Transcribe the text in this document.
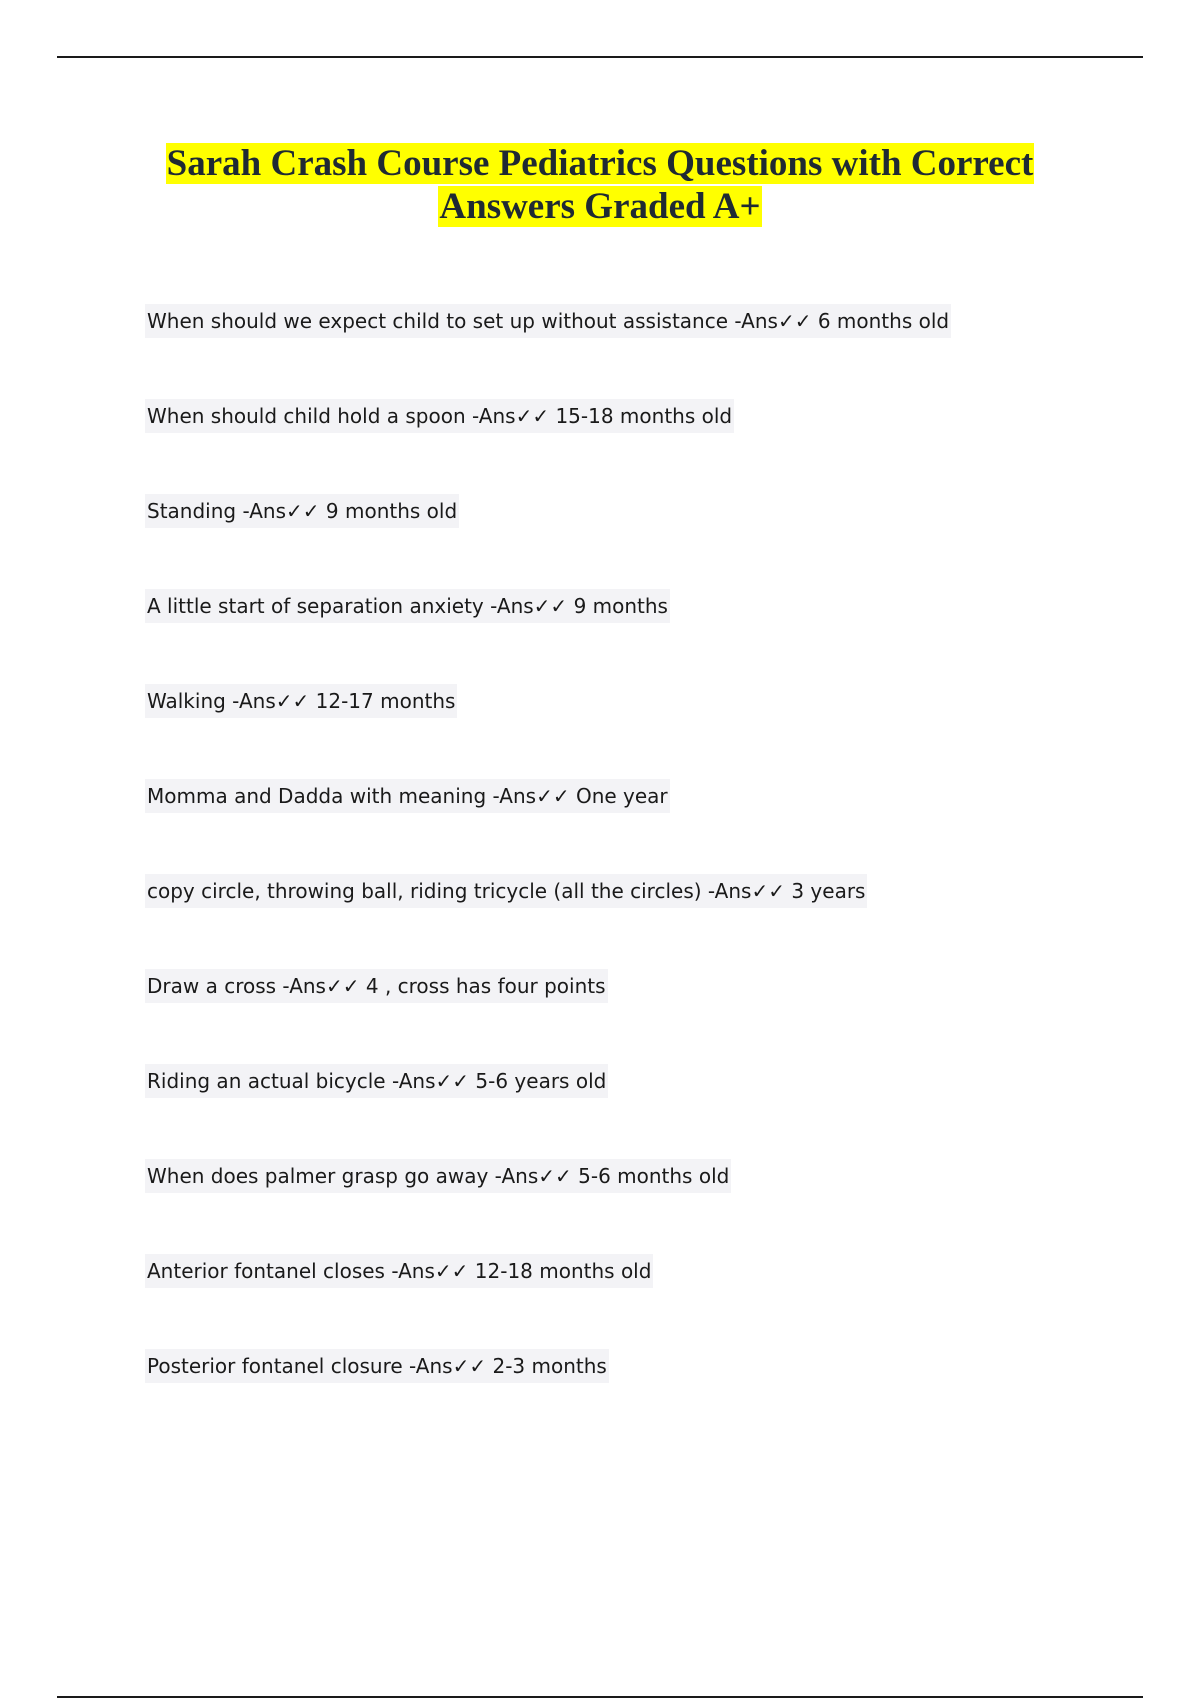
Sarah Crash Course Pediatrics Questions with Correct
Answers Graded A+
When should we expect child to set up without assistance -Ans✓✓ 6 months old
When should child hold a spoon -Ans✓✓ 15-18 months old
Standing -Ans✓✓ 9 months old
A little start of separation anxiety -Ans✓✓ 9 months
Walking -Ans✓✓ 12-17 months
Momma and Dadda with meaning -Ans✓✓ One year
copy circle, throwing ball, riding tricycle (all the circles) -Ans✓✓ 3 years
Draw a cross -Ans✓✓ 4 , cross has four points
Riding an actual bicycle -Ans✓✓ 5-6 years old
When does palmer grasp go away -Ans✓✓ 5-6 months old
Anterior fontanel closes -Ans✓✓ 12-18 months old
Posterior fontanel closure -Ans✓✓ 2-3 months
